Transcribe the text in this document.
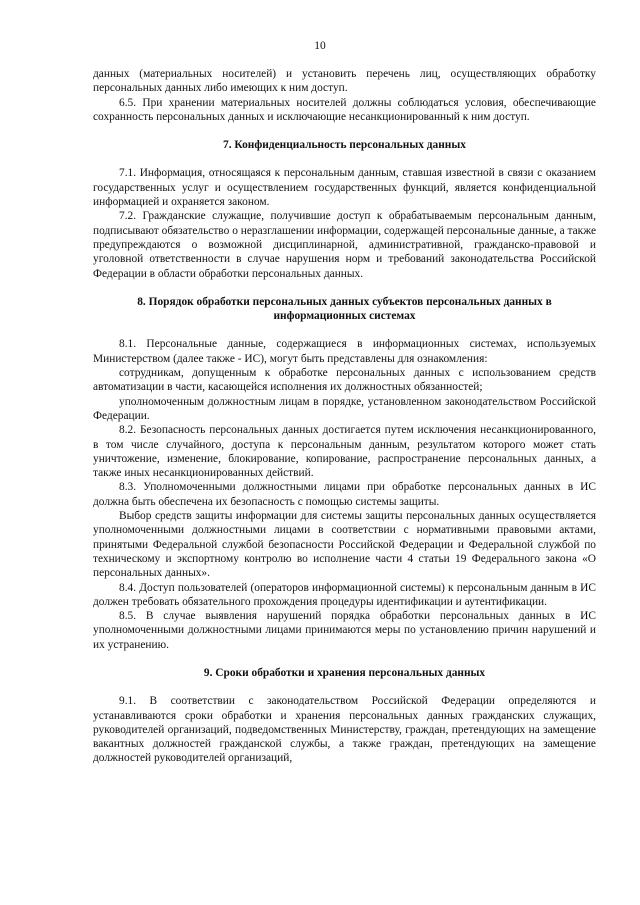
10

данных (материальных носителей) и установить перечень лиц, осуществляющих обработку персональных данных либо имеющих к ним доступ.

6.5. При хранении материальных носителей должны соблюдаться условия, обеспечивающие сохранность персональных данных и исключающие несанкционированный к ним доступ.

7. Конфиденциальность персональных данных

7.1. Информация, относящаяся к персональным данным, ставшая известной в связи с оказанием государственных услуг и осуществлением государственных функций, является конфиденциальной информацией и охраняется законом.

7.2. Гражданские служащие, получившие доступ к обрабатываемым персональным данным, подписывают обязательство о неразглашении информации, содержащей персональные данные, а также предупреждаются о возможной дисциплинарной, административной, гражданско-правовой и уголовной ответственности в случае нарушения норм и требований законодательства Российской Федерации в области обработки персональных данных.

8. Порядок обработки персональных данных субъектов персональных данных в информационных системах

8.1. Персональные данные, содержащиеся в информационных системах, используемых Министерством (далее также - ИС), могут быть представлены для ознакомления:

сотрудникам, допущенным к обработке персональных данных с использованием средств автоматизации в части, касающейся исполнения их должностных обязанностей;

уполномоченным должностным лицам в порядке, установленном законодательством Российской Федерации.

8.2. Безопасность персональных данных достигается путем исключения несанкционированного, в том числе случайного, доступа к персональным данным, результатом которого может стать уничтожение, изменение, блокирование, копирование, распространение персональных данных, а также иных несанкционированных действий.

8.3. Уполномоченными должностными лицами при обработке персональных данных в ИС должна быть обеспечена их безопасность с помощью системы защиты.

Выбор средств защиты информации для системы защиты персональных данных осуществляется уполномоченными должностными лицами в соответствии с нормативными правовыми актами, принятыми Федеральной службой безопасности Российской Федерации и Федеральной службой по техническому и экспортному контролю во исполнение части 4 статьи 19 Федерального закона «О персональных данных».

8.4. Доступ пользователей (операторов информационной системы) к персональным данным в ИС должен требовать обязательного прохождения процедуры идентификации и аутентификации.

8.5. В случае выявления нарушений порядка обработки персональных данных в ИС уполномоченными должностными лицами принимаются меры по установлению причин нарушений и их устранению.

9. Сроки обработки и хранения персональных данных

9.1. В соответствии с законодательством Российской Федерации определяются и устанавливаются сроки обработки и хранения персональных данных гражданских служащих, руководителей организаций, подведомственных Министерству, граждан, претендующих на замещение вакантных должностей гражданской службы, а также граждан, претендующих на замещение должностей руководителей организаций,
